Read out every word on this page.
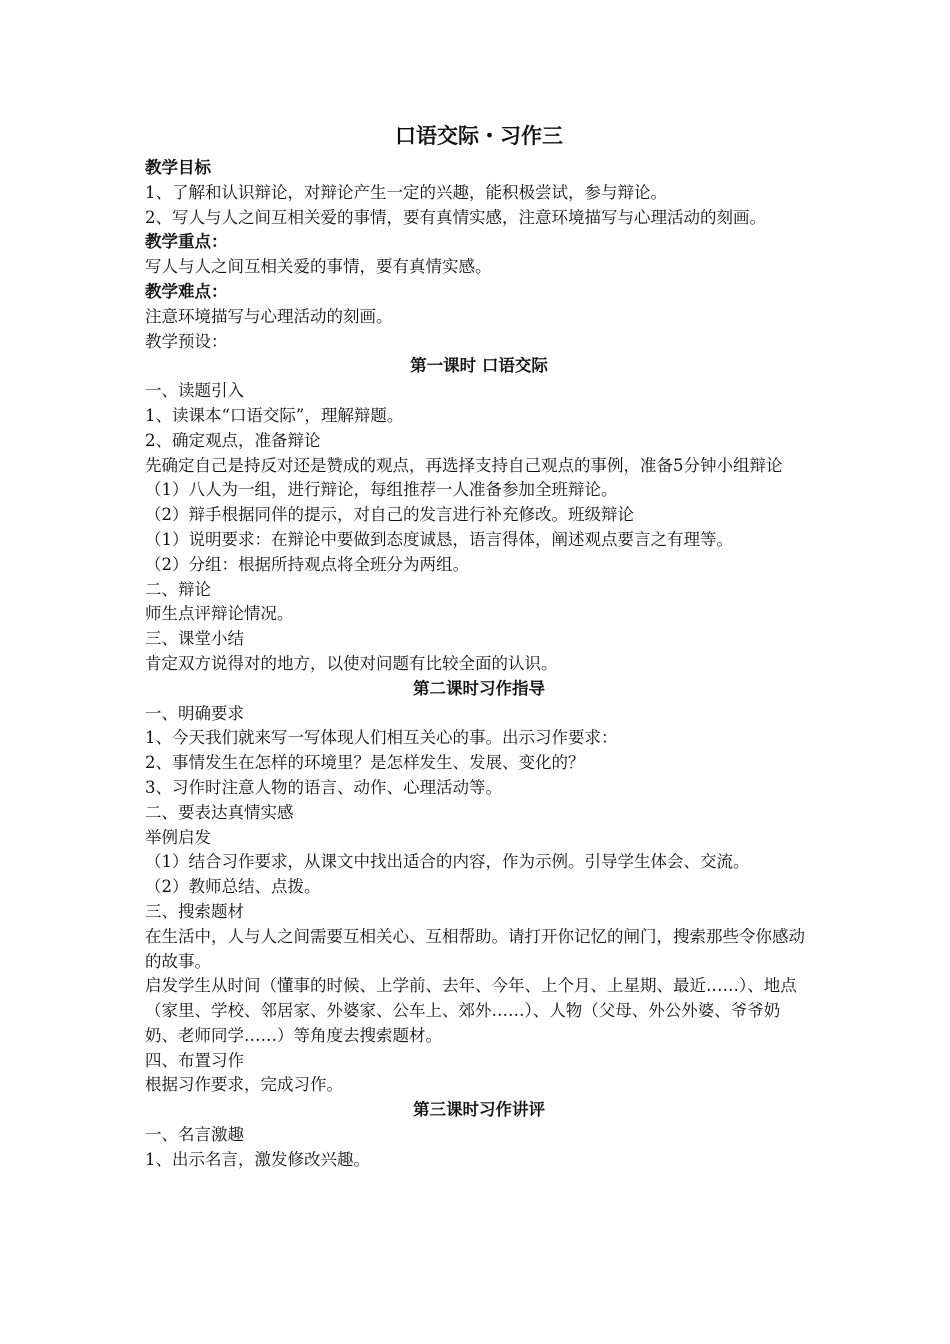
口语交际・习作三
教学目标
1、了解和认识辩论，对辩论产生一定的兴趣，能积极尝试，参与辩论。
2、写人与人之间互相关爱的事情，要有真情实感，注意环境描写与心理活动的刻画。
教学重点：
写人与人之间互相关爱的事情，要有真情实感。
教学难点：
注意环境描写与心理活动的刻画。
教学预设：
第一课时 口语交际
一、读题引入
1、读课本“口语交际”，理解辩题。
2、确定观点，准备辩论
先确定自己是持反对还是赞成的观点，再选择支持自己观点的事例，准备5分钟小组辩论
（1）八人为一组，进行辩论，每组推荐一人准备参加全班辩论。
（2）辩手根据同伴的提示，对自己的发言进行补充修改。班级辩论
（1）说明要求：在辩论中要做到态度诚恳，语言得体，阐述观点要言之有理等。
（2）分组：根据所持观点将全班分为两组。
二、辩论
师生点评辩论情况。
三、课堂小结
肯定双方说得对的地方，以使对问题有比较全面的认识。
第二课时习作指导
一、明确要求
1、今天我们就来写一写体现人们相互关心的事。出示习作要求：
2、事情发生在怎样的环境里？是怎样发生、发展、变化的？
3、习作时注意人物的语言、动作、心理活动等。
二、要表达真情实感
举例启发
（1）结合习作要求，从课文中找出适合的内容，作为示例。引导学生体会、交流。
（2）教师总结、点拨。
三、搜索题材
在生活中，人与人之间需要互相关心、互相帮助。请打开你记忆的闸门，搜索那些令你感动的故事。
启发学生从时间（懂事的时候、上学前、去年、今年、上个月、上星期、最近……）、地点（家里、学校、邻居家、外婆家、公车上、郊外……）、人物（父母、外公外婆、爷爷奶奶、老师同学……）等角度去搜索题材。
四、布置习作
根据习作要求，完成习作。
第三课时习作讲评
一、名言激趣
1、出示名言，激发修改兴趣。
